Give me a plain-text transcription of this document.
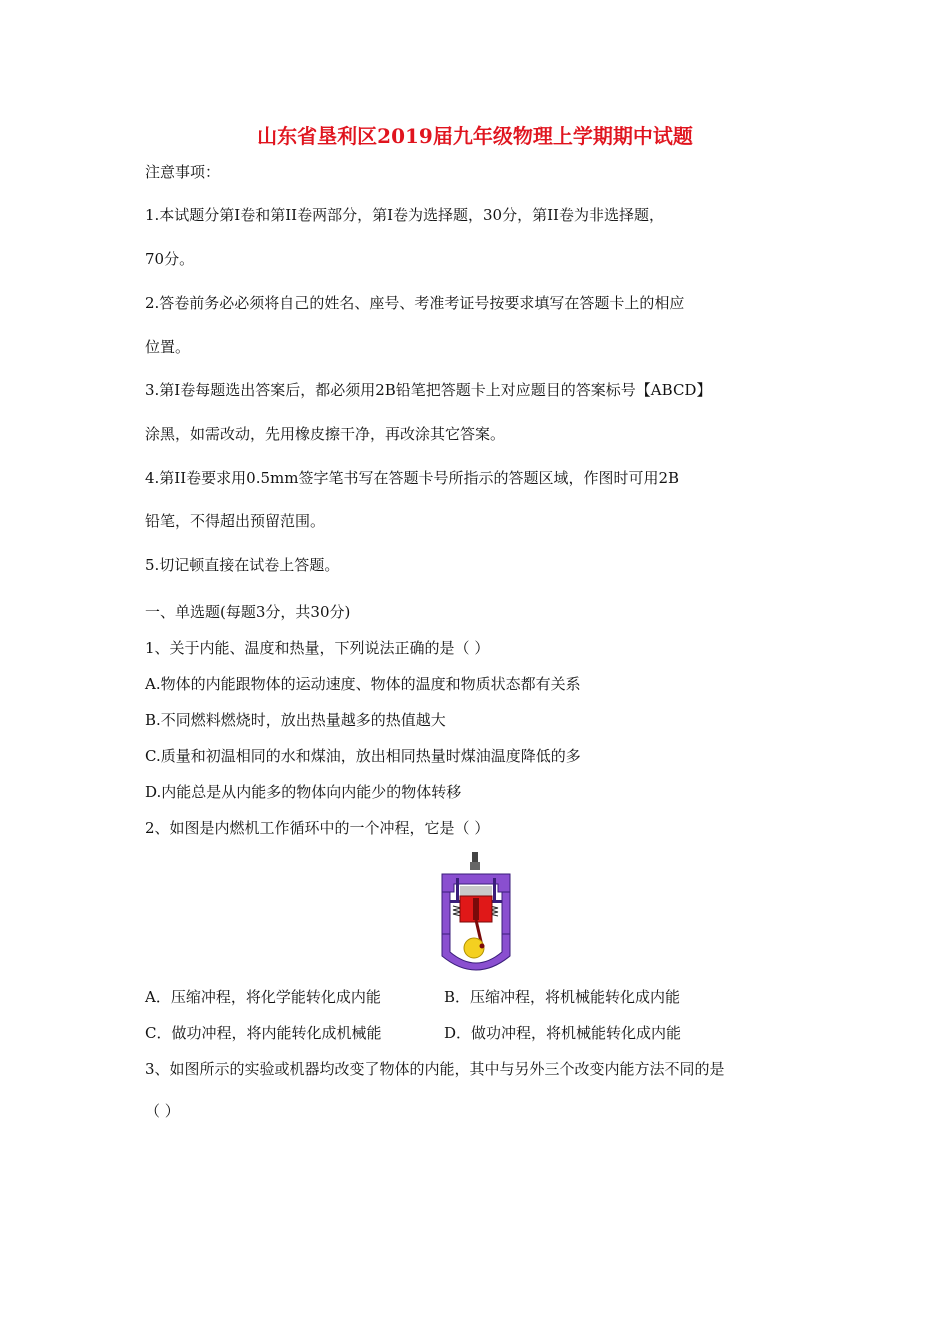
山东省垦利区2019届九年级物理上学期期中试题
注意事项：
1.本试题分第Ⅰ卷和第II卷两部分，第Ⅰ卷为选择题，30分，第II卷为非选择题，
70分。
2.答卷前务必必须将自己的姓名、座号、考准考证号按要求填写在答题卡上的相应
位置。
3.第Ⅰ卷每题选出答案后，都必须用2B铅笔把答题卡上对应题目的答案标号【ABCD】
涂黑，如需改动，先用橡皮擦干净，再改涂其它答案。
4.第II卷要求用0.5mm签字笔书写在答题卡号所指示的答题区域，作图时可用2B
铅笔，不得超出预留范围。
5.切记顿直接在试卷上答题。
一、单选题(每题3分，共30分)
1、关于内能、温度和热量，下列说法正确的是（ ）
A.物体的内能跟物体的运动速度、物体的温度和物质状态都有关系
B.不同燃料燃烧时，放出热量越多的热值越大
C.质量和初温相同的水和煤油，放出相同热量时煤油温度降低的多
D.内能总是从内能多的物体向内能少的物体转移
2、如图是内燃机工作循环中的一个冲程，它是（ ）
A．压缩冲程，将化学能转化成内能	B．压缩冲程，将机械能转化成内能
C．做功冲程，将内能转化成机械能	D．做功冲程，将机械能转化成内能
3、如图所示的实验或机器均改变了物体的内能，其中与另外三个改变内能方法不同的是
（ ）
